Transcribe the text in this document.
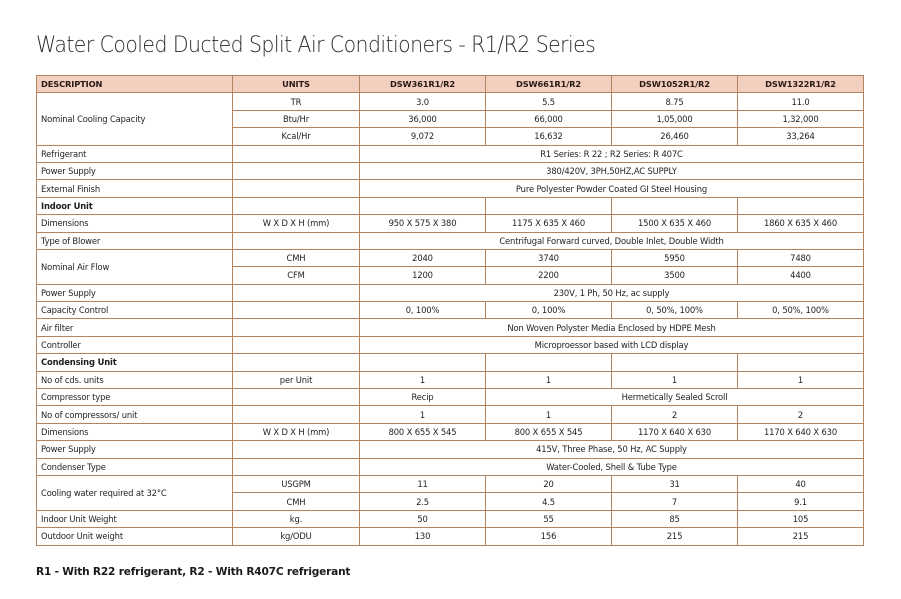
Water Cooled Ducted Split Air Conditioners - R1/R2 Series
DESCRIPTION	UNITS	DSW361R1/R2	DSW661R1/R2	DSW1052R1/R2	DSW1322R1/R2
Nominal Cooling Capacity	TR	3.0	5.5	8.75	11.0
	Btu/Hr	36,000	66,000	1,05,000	1,32,000
	Kcal/Hr	9,072	16,632	26,460	33,264
Refrigerant		R1 Series: R 22 ; R2 Series: R 407C			
Power Supply		380/420V, 3PH,50HZ,AC SUPPLY			
External Finish		Pure Polyester Powder Coated GI Steel Housing			
Indoor Unit					
Dimensions	W X D X H (mm)	950 X 575 X 380	1175 X 635 X 460	1500 X 635 X 460	1860 X 635 X 460
Type of Blower		Centrifugal Forward curved, Double Inlet, Double Width			
Nominal Air Flow	CMH	2040	3740	5950	7480
	CFM	1200	2200	3500	4400
Power Supply		230V, 1 Ph, 50 Hz, ac supply			
Capacity Control		0, 100%	0, 100%	0, 50%, 100%	0, 50%, 100%
Air filter		Non Woven Polyster Media Enclosed by HDPE Mesh			
Controller		Microproessor based with LCD display			
Condensing Unit					
No of cds. units	per Unit	1	1	1	1
Compressor type		Recip	Hermetically Sealed Scroll		
No of compressors/ unit		1	1	2	2
Dimensions	W X D X H (mm)	800 X 655 X 545	800 X 655 X 545	1170 X 640 X 630	1170 X 640 X 630
Power Supply		415V, Three Phase, 50 Hz, AC Supply			
Condenser Type		Water-Cooled, Shell & Tube Type			
Cooling water required at 32°C	USGPM	11	20	31	40
	CMH	2.5	4.5	7	9.1
Indoor Unit Weight	kg.	50	55	85	105
Outdoor Unit weight	kg/ODU	130	156	215	215
R1 - With R22 refrigerant, R2 - With R407C refrigerant
